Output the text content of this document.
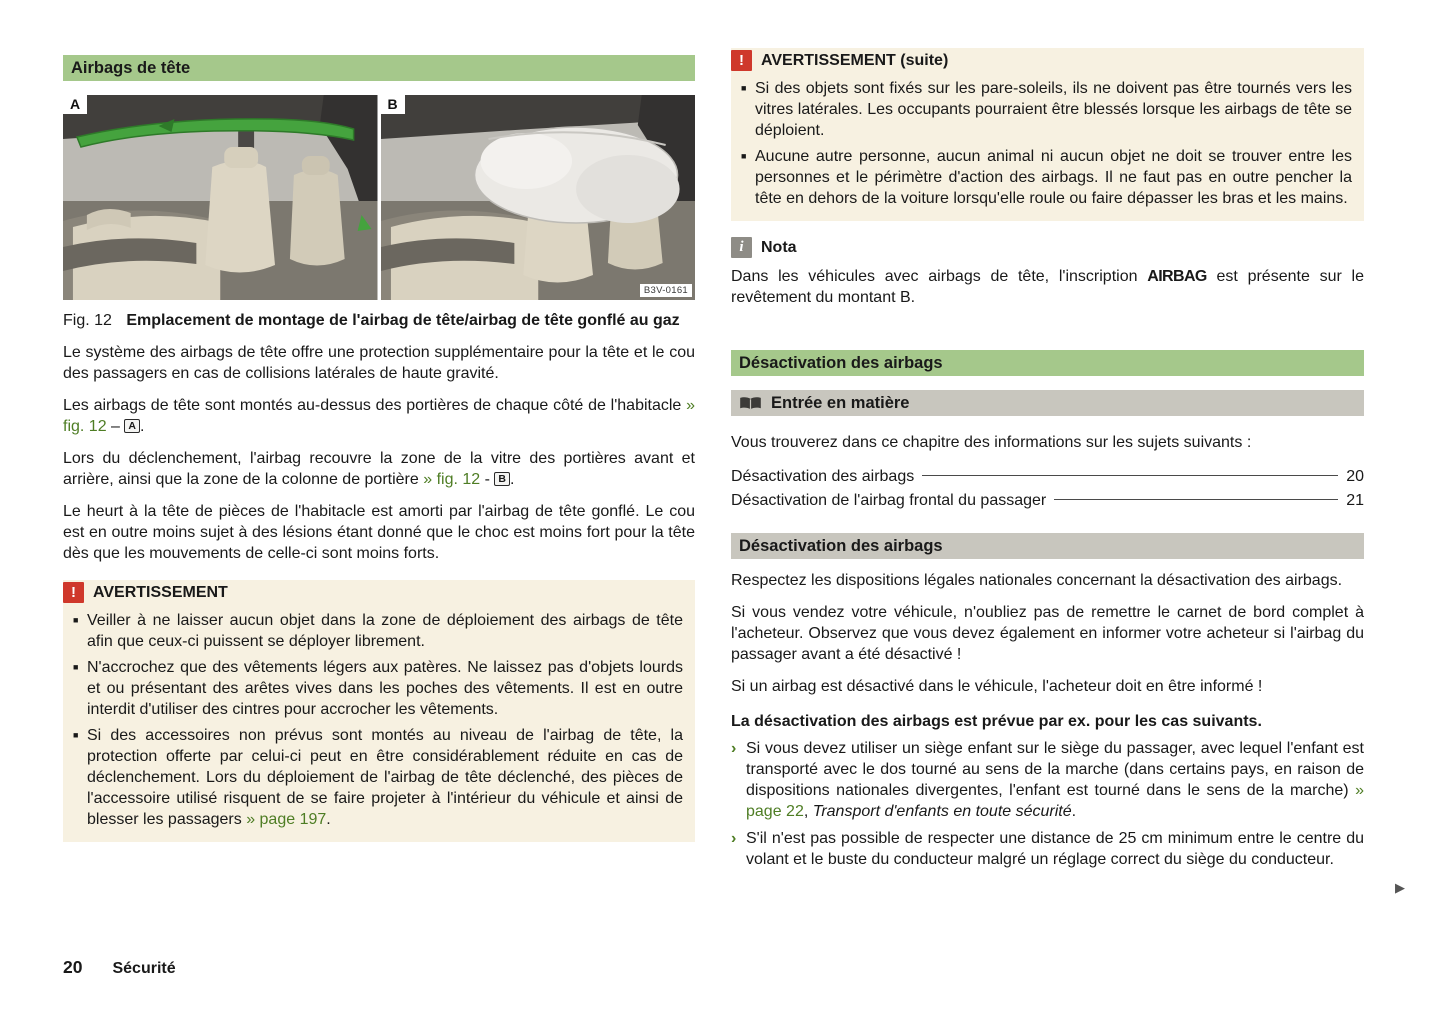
Airbags de tête
A	B
B3V-0161

Fig. 12 Emplacement de montage de l'airbag de tête/airbag de tête gonflé au gaz

Le système des airbags de tête offre une protection supplémentaire pour la tête et le cou des passagers en cas de collisions latérales de haute gravité.

Les airbags de tête sont montés au-dessus des portières de chaque côté de l'habitacle » fig. 12 – A .

Lors du déclenchement, l'airbag recouvre la zone de la vitre des portières avant et arrière, ainsi que la zone de la colonne de portière » fig. 12 - B .

Le heurt à la tête de pièces de l'habitacle est amorti par l'airbag de tête gonflé. Le cou est en outre moins sujet à des lésions étant donné que le choc est moins fort pour la tête dès que les mouvements de celle-ci sont moins forts.

! AVERTISSEMENT
■ Veiller à ne laisser aucun objet dans la zone de déploiement des airbags de tête afin que ceux-ci puissent se déployer librement.
■ N'accrochez que des vêtements légers aux patères. Ne laissez pas d'objets lourds et ou présentant des arêtes vives dans les poches des vêtements. Il est en outre interdit d'utiliser des cintres pour accrocher les vêtements.
■ Si des accessoires non prévus sont montés au niveau de l'airbag de tête, la protection offerte par celui-ci peut en être considérablement réduite en cas de déclenchement. Lors du déploiement de l'airbag de tête déclenché, des pièces de l'accessoire utilisé risquent de se faire projeter à l'intérieur du véhicule et ainsi de blesser les passagers » page 197.
! AVERTISSEMENT (suite)
■ Si des objets sont fixés sur les pare-soleils, ils ne doivent pas être tournés vers les vitres latérales. Les occupants pourraient être blessés lorsque les airbags de tête se déploient.
■ Aucune autre personne, aucun animal ni aucun objet ne doit se trouver entre les personnes et le périmètre d'action des airbags. Il ne faut pas en outre pencher la tête en dehors de la voiture lorsqu'elle roule ou faire dépasser les bras et les mains.
i Nota

Dans les véhicules avec airbags de tête, l'inscription AIRBAG est présente sur le revêtement du montant B.

Désactivation des airbags
Entrée en matière

Vous trouverez dans ce chapitre des informations sur les sujets suivants :

Désactivation des airbags	20
Désactivation de l'airbag frontal du passager	21
Désactivation des airbags

Respectez les dispositions légales nationales concernant la désactivation des airbags.

Si vous vendez votre véhicule, n'oubliez pas de remettre le carnet de bord complet à l'acheteur. Observez que vous devez également en informer votre acheteur si l'airbag du passager avant a été désactivé !

Si un airbag est désactivé dans le véhicule, l'acheteur doit en être informé !

La désactivation des airbags est prévue par ex. pour les cas suivants.

› Si vous devez utiliser un siège enfant sur le siège du passager, avec lequel l'enfant est transporté avec le dos tourné au sens de la marche (dans certains pays, en raison de dispositions nationales divergentes, l'enfant est tourné dans le sens de la marche) » page 22, Transport d'enfants en toute sécurité.
› S'il n'est pas possible de respecter une distance de 25 cm minimum entre le centre du volant et le buste du conducteur malgré un réglage correct du siège du conducteur.
20 Sécurité
▶
